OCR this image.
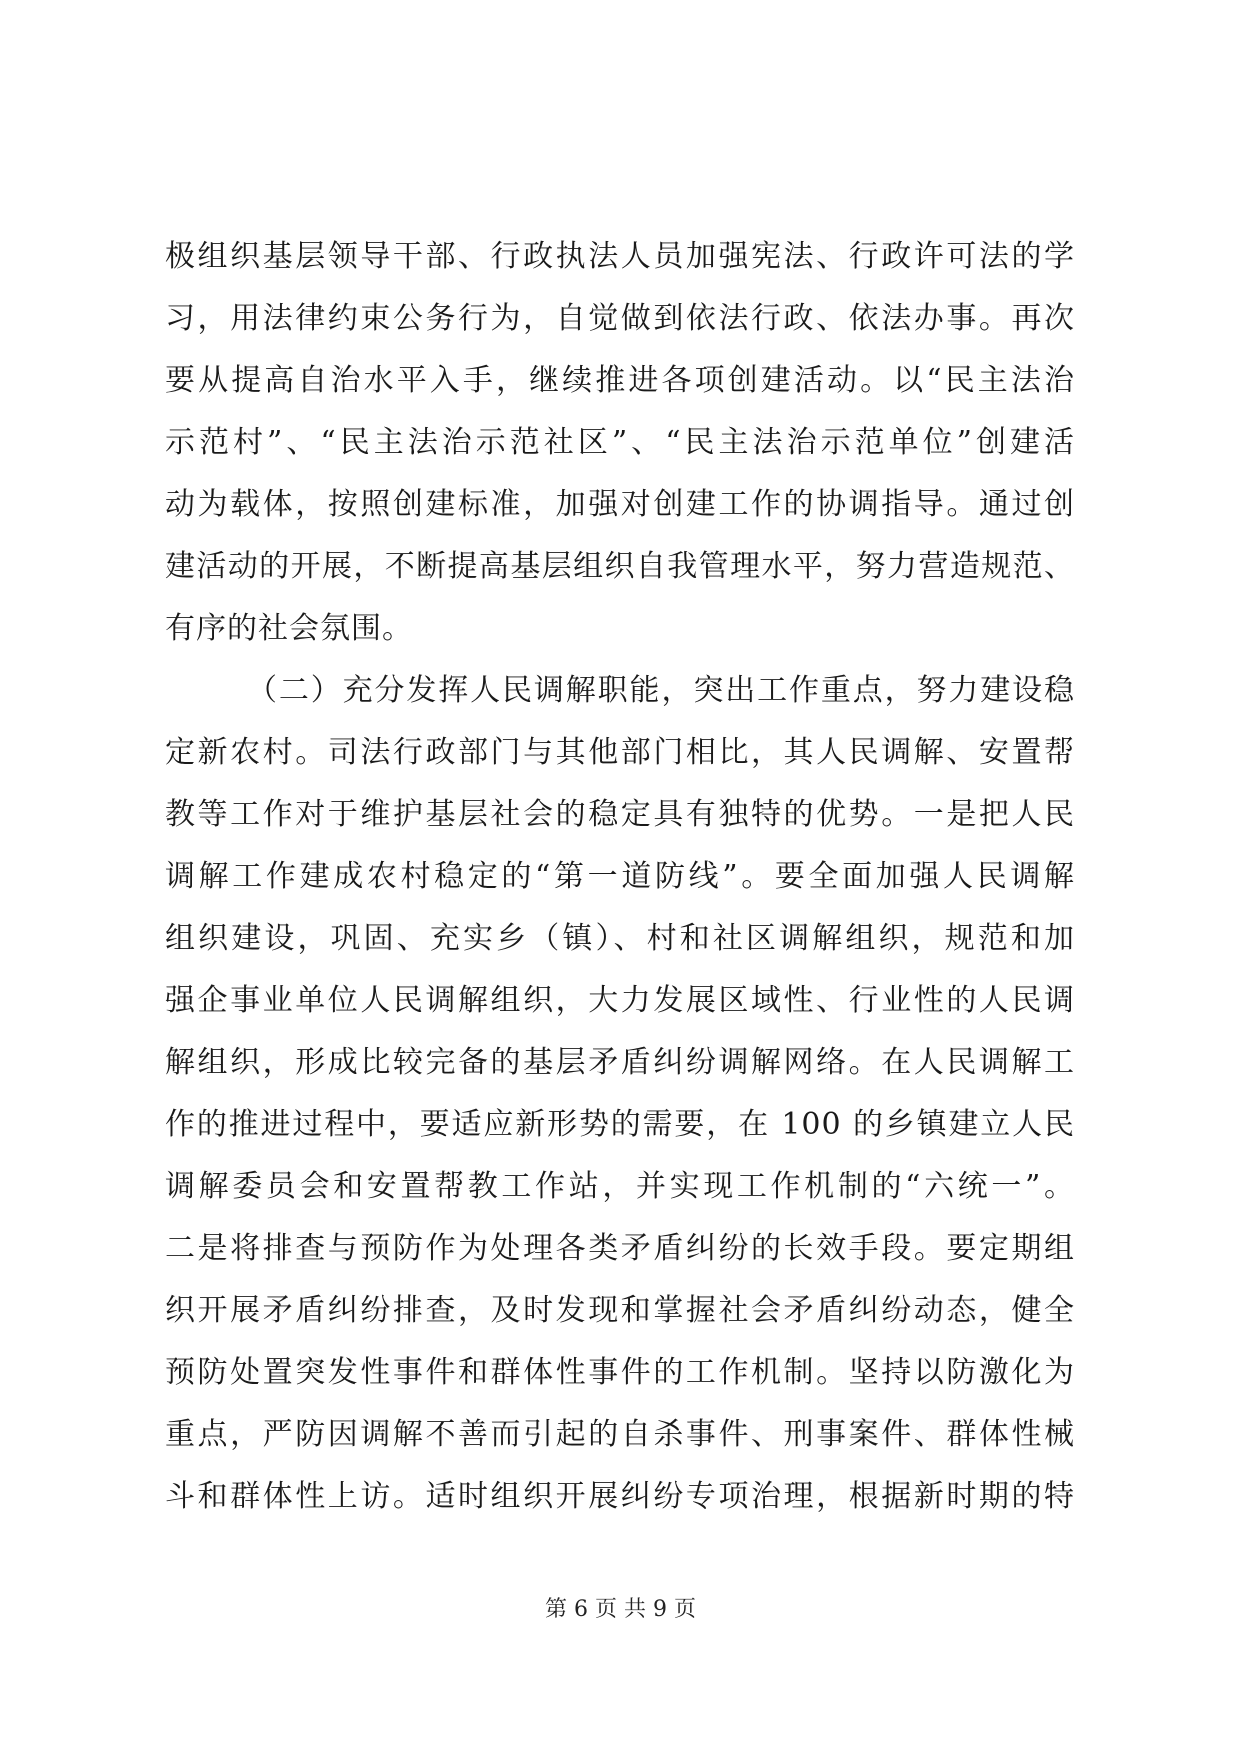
极组织基层领导干部、行政执法人员加强宪法、行政许可法的学
习，用法律约束公务行为，自觉做到依法行政、依法办事。再次
要从提高自治水平入手，继续推进各项创建活动。以“民主法治
示范村”、“民主法治示范社区”、“民主法治示范单位”创建活
动为载体，按照创建标准，加强对创建工作的协调指导。通过创
建活动的开展，不断提高基层组织自我管理水平，努力营造规范、
有序的社会氛围。
（二）充分发挥人民调解职能，突出工作重点，努力建设稳
定新农村。司法行政部门与其他部门相比，其人民调解、安置帮
教等工作对于维护基层社会的稳定具有独特的优势。一是把人民
调解工作建成农村稳定的“第一道防线”。要全面加强人民调解
组织建设，巩固、充实乡（镇）、村和社区调解组织，规范和加
强企事业单位人民调解组织，大力发展区域性、行业性的人民调
解组织，形成比较完备的基层矛盾纠纷调解网络。在人民调解工
作的推进过程中，要适应新形势的需要，在 100 的乡镇建立人民
调解委员会和安置帮教工作站，并实现工作机制的“六统一”。
二是将排查与预防作为处理各类矛盾纠纷的长效手段。要定期组
织开展矛盾纠纷排查，及时发现和掌握社会矛盾纠纷动态，健全
预防处置突发性事件和群体性事件的工作机制。坚持以防激化为
重点，严防因调解不善而引起的自杀事件、刑事案件、群体性械
斗和群体性上访。适时组织开展纠纷专项治理，根据新时期的特
第 6 页 共 9 页
